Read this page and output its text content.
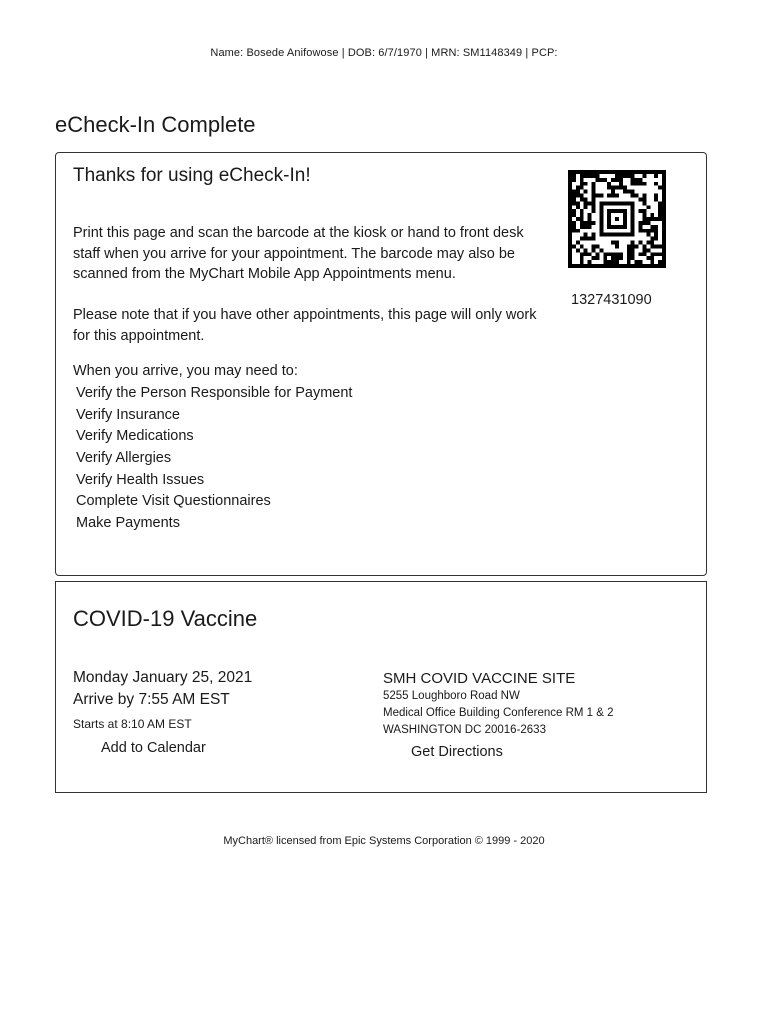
Name: Bosede Anifowose | DOB: 6/7/1970 | MRN: SM1148349 | PCP:
eCheck-In Complete
Thanks for using eCheck-In!
Print this page and scan the barcode at the kiosk or hand to front desk staff when you arrive for your appointment. The barcode may also be scanned from the MyChart Mobile App Appointments menu.
Please note that if you have other appointments, this page will only work for this appointment.
When you arrive, you may need to:
Verify the Person Responsible for Payment
Verify Insurance
Verify Medications
Verify Allergies
Verify Health Issues
Complete Visit Questionnaires
Make Payments
1327431090
COVID-19 Vaccine
Monday January 25, 2021
Arrive by 7:55 AM EST
Starts at 8:10 AM EST
Add to Calendar
SMH COVID VACCINE SITE
5255 Loughboro Road NW
Medical Office Building Conference RM 1 & 2
WASHINGTON DC 20016-2633
Get Directions
MyChart® licensed from Epic Systems Corporation © 1999 - 2020
